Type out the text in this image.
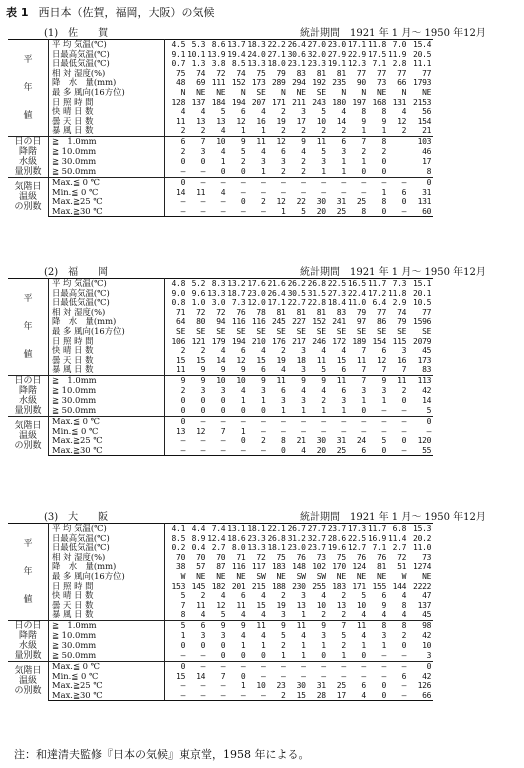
表 1 西日本（佐賀，福岡，大阪）の気候
(1)　佐　　賀	統計期間　1921 年 1 月～ 1950 年12月
平
年
値	平 均 気温(℃)	4.5	5.3	8.6	13.7	18.3	22.2	26.4	27.0	23.0	17.1	11.8	7.0	15.4
	日最高気温(℃)	9.1	10.1	13.9	19.4	24.0	27.1	30.6	32.0	27.9	22.9	17.5	11.9	20.5
	日最低気温(℃)	0.7	1.3	3.8	8.5	13.3	18.0	23.1	23.3	19.1	12.3	7.1	2.8	11.1
	相 対 湿度(%)	75	74	72	74	75	79	83	81	81	77	77	77	77
	降　水　量(mm)	48	69	111	152	173	289	294	192	235	90	73	66	1793
	最 多 風向(16方位)	N	NE	NE	N	SE	N	NE	SE	N	N	NE	N	NE
	日 照 時 間	128	137	184	194	207	171	211	243	180	197	168	131	2153
	快 晴 日 数	4	4	5	6	4	2	3	5	4	8	8	4	56
	曇 天 日 数	11	13	13	12	16	19	17	10	14	9	9	12	154
	暴 風 日 数	2	2	4	1	1	2	2	2	2	1	1	2	21
日の日
降階
水級
量別数	≧　1.0mm	6	7	10	9	11	12	9	11	6	7	8		103
	≧ 10.0mm	2	3	4	5	4	6	4	5	3	2	2		46
	≧ 30.0mm	0	0	1	2	3	3	2	3	1	1	0		17
	≧ 50.0mm	—	—	0	0	1	2	2	1	1	0	0		8
気階日
温級
の別数	Max.≦ 0 ℃	0	—	—	—	—	—	—	—	—	—	—	—	0
	Min.≦ 0 ℃	14	11	4	—	—	—	—	—	—	—	1	6	31
	Max.≧25 ℃	—	—	—	0	2	12	22	30	31	25	8	0	131
	Max.≧30 ℃	—	—	—	—	—	1	5	20	25	8	0	—	60
(2)　福　　岡	統計期間　1921 年 1 月～ 1950 年12月
平
年
値	平 均 気温(℃)	4.8	5.2	8.3	13.2	17.6	21.6	26.2	26.8	22.5	16.5	11.7	7.3	15.1
	日最高気温(℃)	9.0	9.6	13.3	18.7	23.0	26.4	30.5	31.5	27.3	22.4	17.2	11.8	20.1
	日最低気温(℃)	0.8	1.0	3.0	7.3	12.0	17.1	22.7	22.8	18.4	11.0	6.4	2.9	10.5
	相 対 湿度(%)	71	72	72	76	78	81	81	81	83	79	77	74	77
	降　水　量(mm)	64	80	94	116	116	245	227	152	241	97	86	79	1596
	最 多 風向(16方位)	SE	SE	SE	SE	SE	SE	SE	SE	SE	SE	SE	SE	SE
	日 照 時 間	106	121	179	194	210	176	217	246	172	189	154	115	2079
	快 晴 日 数	2	2	4	6	4	2	3	4	4	7	6	3	45
	曇 天 日 数	15	15	14	12	15	19	18	11	15	11	12	16	173
	暴 風 日 数	11	9	9	9	6	4	3	5	6	7	7	7	83
日の日
降階
水級
量別数	≧　1.0mm	9	9	10	10	9	11	9	9	11	7	9	11	113
	≧ 10.0mm	2	3	3	4	3	6	4	4	6	3	3	2	42
	≧ 30.0mm	0	0	0	1	1	3	3	2	3	1	1	0	14
	≧ 50.0mm	0	0	0	0	0	1	1	1	1	0	—	—	5
気階日
温級
の別数	Max.≦ 0 ℃	0	—	—	—	—	—	—	—	—	—	—	—	0
	Min.≦ 0 ℃	13	12	7	1	—	—	—	—	—	—	—	—	—
	Max.≧25 ℃	—	—	—	0	2	8	21	30	31	24	5	0	120
	Max.≧30 ℃	—	—	—	—	—	0	4	20	25	6	0	—	55
(3)　大　　阪	統計期間　1921 年 1 月～ 1950 年12月
平
年
値	平 均 気温(℃)	4.1	4.4	7.4	13.1	18.1	22.1	26.7	27.7	23.7	17.3	11.7	6.8	15.3
	日最高気温(℃)	8.5	8.9	12.4	18.6	23.3	26.8	31.2	32.7	28.6	22.5	16.9	11.4	20.2
	日最低気温(℃)	0.2	0.4	2.7	8.0	13.3	18.1	23.0	23.7	19.6	12.7	7.1	2.7	11.0
	相 対 湿度(%)	70	70	70	71	72	75	76	73	75	76	76	72	73
	降　水　量(mm)	38	57	87	116	117	183	148	102	170	124	81	51	1274
	最 多 風向(16方位)	W	NE	NE	NE	SW	NE	SW	SW	NE	NE	NE	W	NE
	日 照 時 間	153	145	182	201	215	188	230	255	183	171	155	144	2222
	快 晴 日 数	5	2	4	6	4	2	3	4	2	5	6	4	47
	曇 天 日 数	7	11	12	11	15	19	13	10	13	10	9	8	137
	暴 風 日 数	8	4	5	4	4	3	1	2	2	4	4	4	45
日の日
降階
水級
量別数	≧　1.0mm	5	6	9	9	11	9	11	9	7	11	8	8	98
	≧ 10.0mm	1	3	3	4	4	5	4	3	5	4	3	2	42
	≧ 30.0mm	0	0	0	1	1	2	1	1	2	1	1	0	10
	≧ 50.0mm	—	—	0	0	0	1	1	0	1	0	—	—	3
気階日
温級
の別数	Max.≦ 0 ℃	0	—	—	—	—	—	—	—	—	—	—	—	0
	Min.≦ 0 ℃	15	14	7	0	—	—	—	—	—	—	—	6	42
	Max.≧25 ℃	—	—	—	1	10	23	30	31	25	6	0	—	126
	Max.≧30 ℃	—	—	—	—	—	2	15	28	17	4	0	—	66
注：和達清夫監修『日本の気候』東京堂，1958 年による。
